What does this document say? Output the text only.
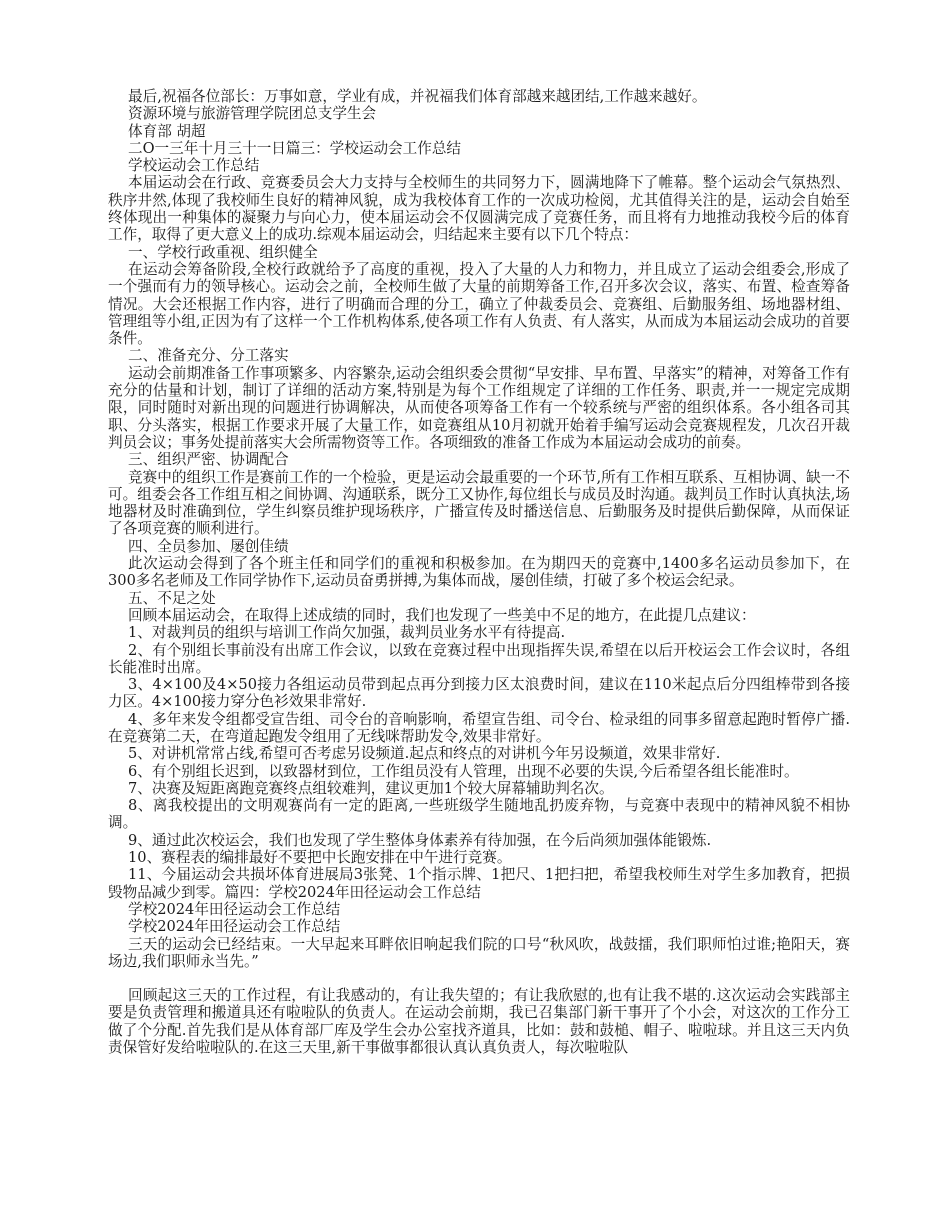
最后,祝福各位部长：万事如意，学业有成，并祝福我们体育部越来越团结,工作越来越好。
资源环境与旅游管理学院团总支学生会
体育部 胡超
二O一三年十月三十一日篇三：学校运动会工作总结
学校运动会工作总结

本届运动会在行政、竞赛委员会大力支持与全校师生的共同努力下，圆满地降下了帷幕。整个运动会气氛热烈、秩序井然,体现了我校师生良好的精神风貌，成为我校体育工作的一次成功检阅，尤其值得关注的是，运动会自始至终体现出一种集体的凝聚力与向心力，使本届运动会不仅圆满完成了竞赛任务，而且将有力地推动我校今后的体育工作，取得了更大意义上的成功.综观本届运动会，归结起来主要有以下几个特点：

一、学校行政重视、组织健全

在运动会筹备阶段,全校行政就给予了高度的重视，投入了大量的人力和物力，并且成立了运动会组委会,形成了一个强而有力的领导核心。运动会之前，全校师生做了大量的前期筹备工作,召开多次会议，落实、布置、检查筹备情况。大会还根据工作内容，进行了明确而合理的分工，确立了仲裁委员会、竞赛组、后勤服务组、场地器材组、管理组等小组,正因为有了这样一个工作机构体系,使各项工作有人负责、有人落实，从而成为本届运动会成功的首要条件。

二、准备充分、分工落实

运动会前期准备工作事项繁多、内容繁杂,运动会组织委会贯彻“早安排、早布置、早落实”的精神，对筹备工作有充分的估量和计划，制订了详细的活动方案,特别是为每个工作组规定了详细的工作任务、职责,并一一规定完成期限，同时随时对新出现的问题进行协调解决，从而使各项筹备工作有一个较系统与严密的组织体系。各小组各司其职、分头落实，根据工作要求开展了大量工作，如竞赛组从10月初就开始着手编写运动会竞赛规程发，几次召开裁判员会议；事务处提前落实大会所需物资等工作。各项细致的准备工作成为本届运动会成功的前奏。

三、组织严密、协调配合

竞赛中的组织工作是赛前工作的一个检验，更是运动会最重要的一个环节,所有工作相互联系、互相协调、缺一不可。组委会各工作组互相之间协调、沟通联系，既分工又协作,每位组长与成员及时沟通。裁判员工作时认真执法,场地器材及时准确到位，学生纠察员维护现场秩序，广播宣传及时播送信息、后勤服务及时提供后勤保障，从而保证了各项竞赛的顺利进行。

四、全员参加、屡创佳绩

此次运动会得到了各个班主任和同学们的重视和积极参加。在为期四天的竞赛中,1400多名运动员参加下，在300多名老师及工作同学协作下,运动员奋勇拼搏,为集体而战，屡创佳绩，打破了多个校运会纪录。

五、不足之处

回顾本届运动会，在取得上述成绩的同时，我们也发现了一些美中不足的地方，在此提几点建议：

1、对裁判员的组织与培训工作尚欠加强，裁判员业务水平有待提高.

2、有个别组长事前没有出席工作会议，以致在竞赛过程中出现指挥失误,希望在以后开校运会工作会议时，各组长能准时出席。

3、4×100及4×50接力各组运动员带到起点再分到接力区太浪费时间，建议在110米起点后分四组棒带到各接力区。4×100接力穿分色衫效果非常好.

4、多年来发令组都受宣告组、司令台的音响影响，希望宣告组、司令台、检录组的同事多留意起跑时暂停广播.在竞赛第二天，在弯道起跑发令组用了无线咪帮助发令,效果非常好。

5、对讲机常常占线,希望可否考虑另设频道.起点和终点的对讲机今年另设频道，效果非常好.

6、有个别组长迟到，以致器材到位，工作组员没有人管理，出现不必要的失误,今后希望各组长能准时。

7、决赛及短距离跑竞赛终点组较难判，建议更加1个较大屏幕辅助判名次。

8、离我校提出的文明观赛尚有一定的距离,一些班级学生随地乱扔废弃物，与竞赛中表现中的精神风貌不相协调。

9、通过此次校运会，我们也发现了学生整体身体素养有待加强，在今后尚须加强体能锻炼.

10、赛程表的编排最好不要把中长跑安排在中午进行竞赛。

11、今届运动会共损坏体育进展局3张凳、1个指示牌、1把尺、1把扫把，希望我校师生对学生多加教育，把损毁物品减少到零。篇四：学校2024年田径运动会工作总结

学校2024年田径运动会工作总结
学校2024年田径运动会工作总结

三天的运动会已经结束。一大早起来耳畔依旧响起我们院的口号“秋风吹，战鼓擂，我们职师怕过谁;艳阳天，赛场边,我们职师永当先。”

回顾起这三天的工作过程，有让我感动的，有让我失望的；有让我欣慰的,也有让我不堪的.这次运动会实践部主要是负责管理和搬道具还有啦啦队的负责人。在运动会前期，我已召集部门新干事开了个小会，对这次的工作分工做了个分配.首先我们是从体育部厂库及学生会办公室找齐道具，比如：鼓和鼓槌、帽子、啦啦球。并且这三天内负责保管好发给啦啦队的.在这三天里,新干事做事都很认真认真负责人，每次啦啦队
